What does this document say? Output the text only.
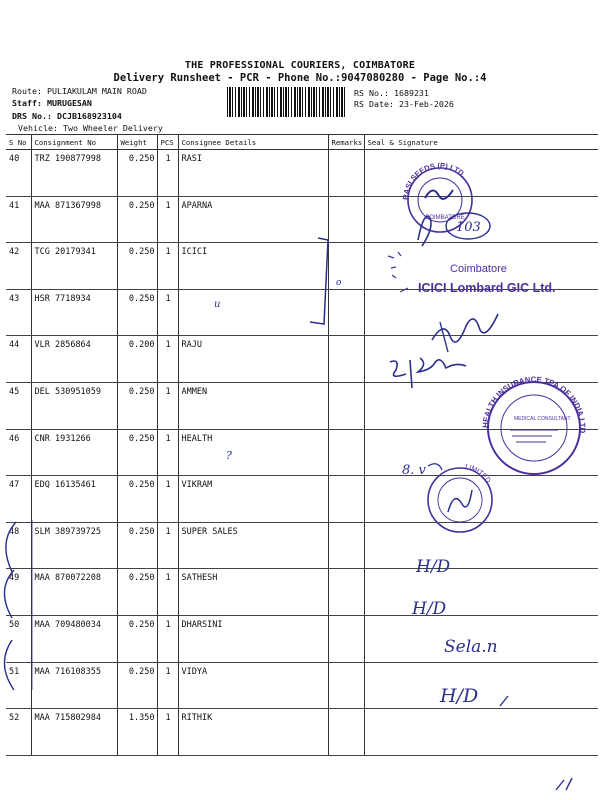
THE PROFESSIONAL COURIERS, COIMBATORE
Delivery Runsheet - PCR - Phone No.:9047080280 - Page No.:4
Route: PULIAKULAM MAIN ROAD
Staff: MURUGESAN
DRS No.: DCJB168923104
Vehicle: Two Wheeler Delivery
RS No.: 1689231
RS Date: 23-Feb-2026
S No	Consignment No	Weight	PCS	Consignee Details	Remarks	Seal & Signature
40	TRZ 190877998	0.250	1	RASI		
41	MAA 871367998	0.250	1	APARNA		
42	TCG 20179341	0.250	1	ICICI		
43	HSR 7718934	0.250	1			
44	VLR 2856864	0.200	1	RAJU		
45	DEL 530951059	0.250	1	AMMEN		
46	CNR 1931266	0.250	1	HEALTH		
47	EDQ 16135461	0.250	1	VIKRAM		
48	SLM 389739725	0.250	1	SUPER SALES		
49	MAA 870072208	0.250	1	SATHESH		
50	MAA 709480034	0.250	1	DHARSINI		
51	MAA 716108355	0.250	1	VIDYA		
52	MAA 715802984	1.350	1	RITHIK		
RASI SEEDS (P) LTD.
COIMBATORE
103
Coimbatore
ICICI Lombard GIC Ltd.
o
u
HEALTH INSURANCE TPA OF INDIA LTD.
MEDICAL CONSULTANT
8. v	LIMITED
H/D
H/D
Sela.n
H/D
?
